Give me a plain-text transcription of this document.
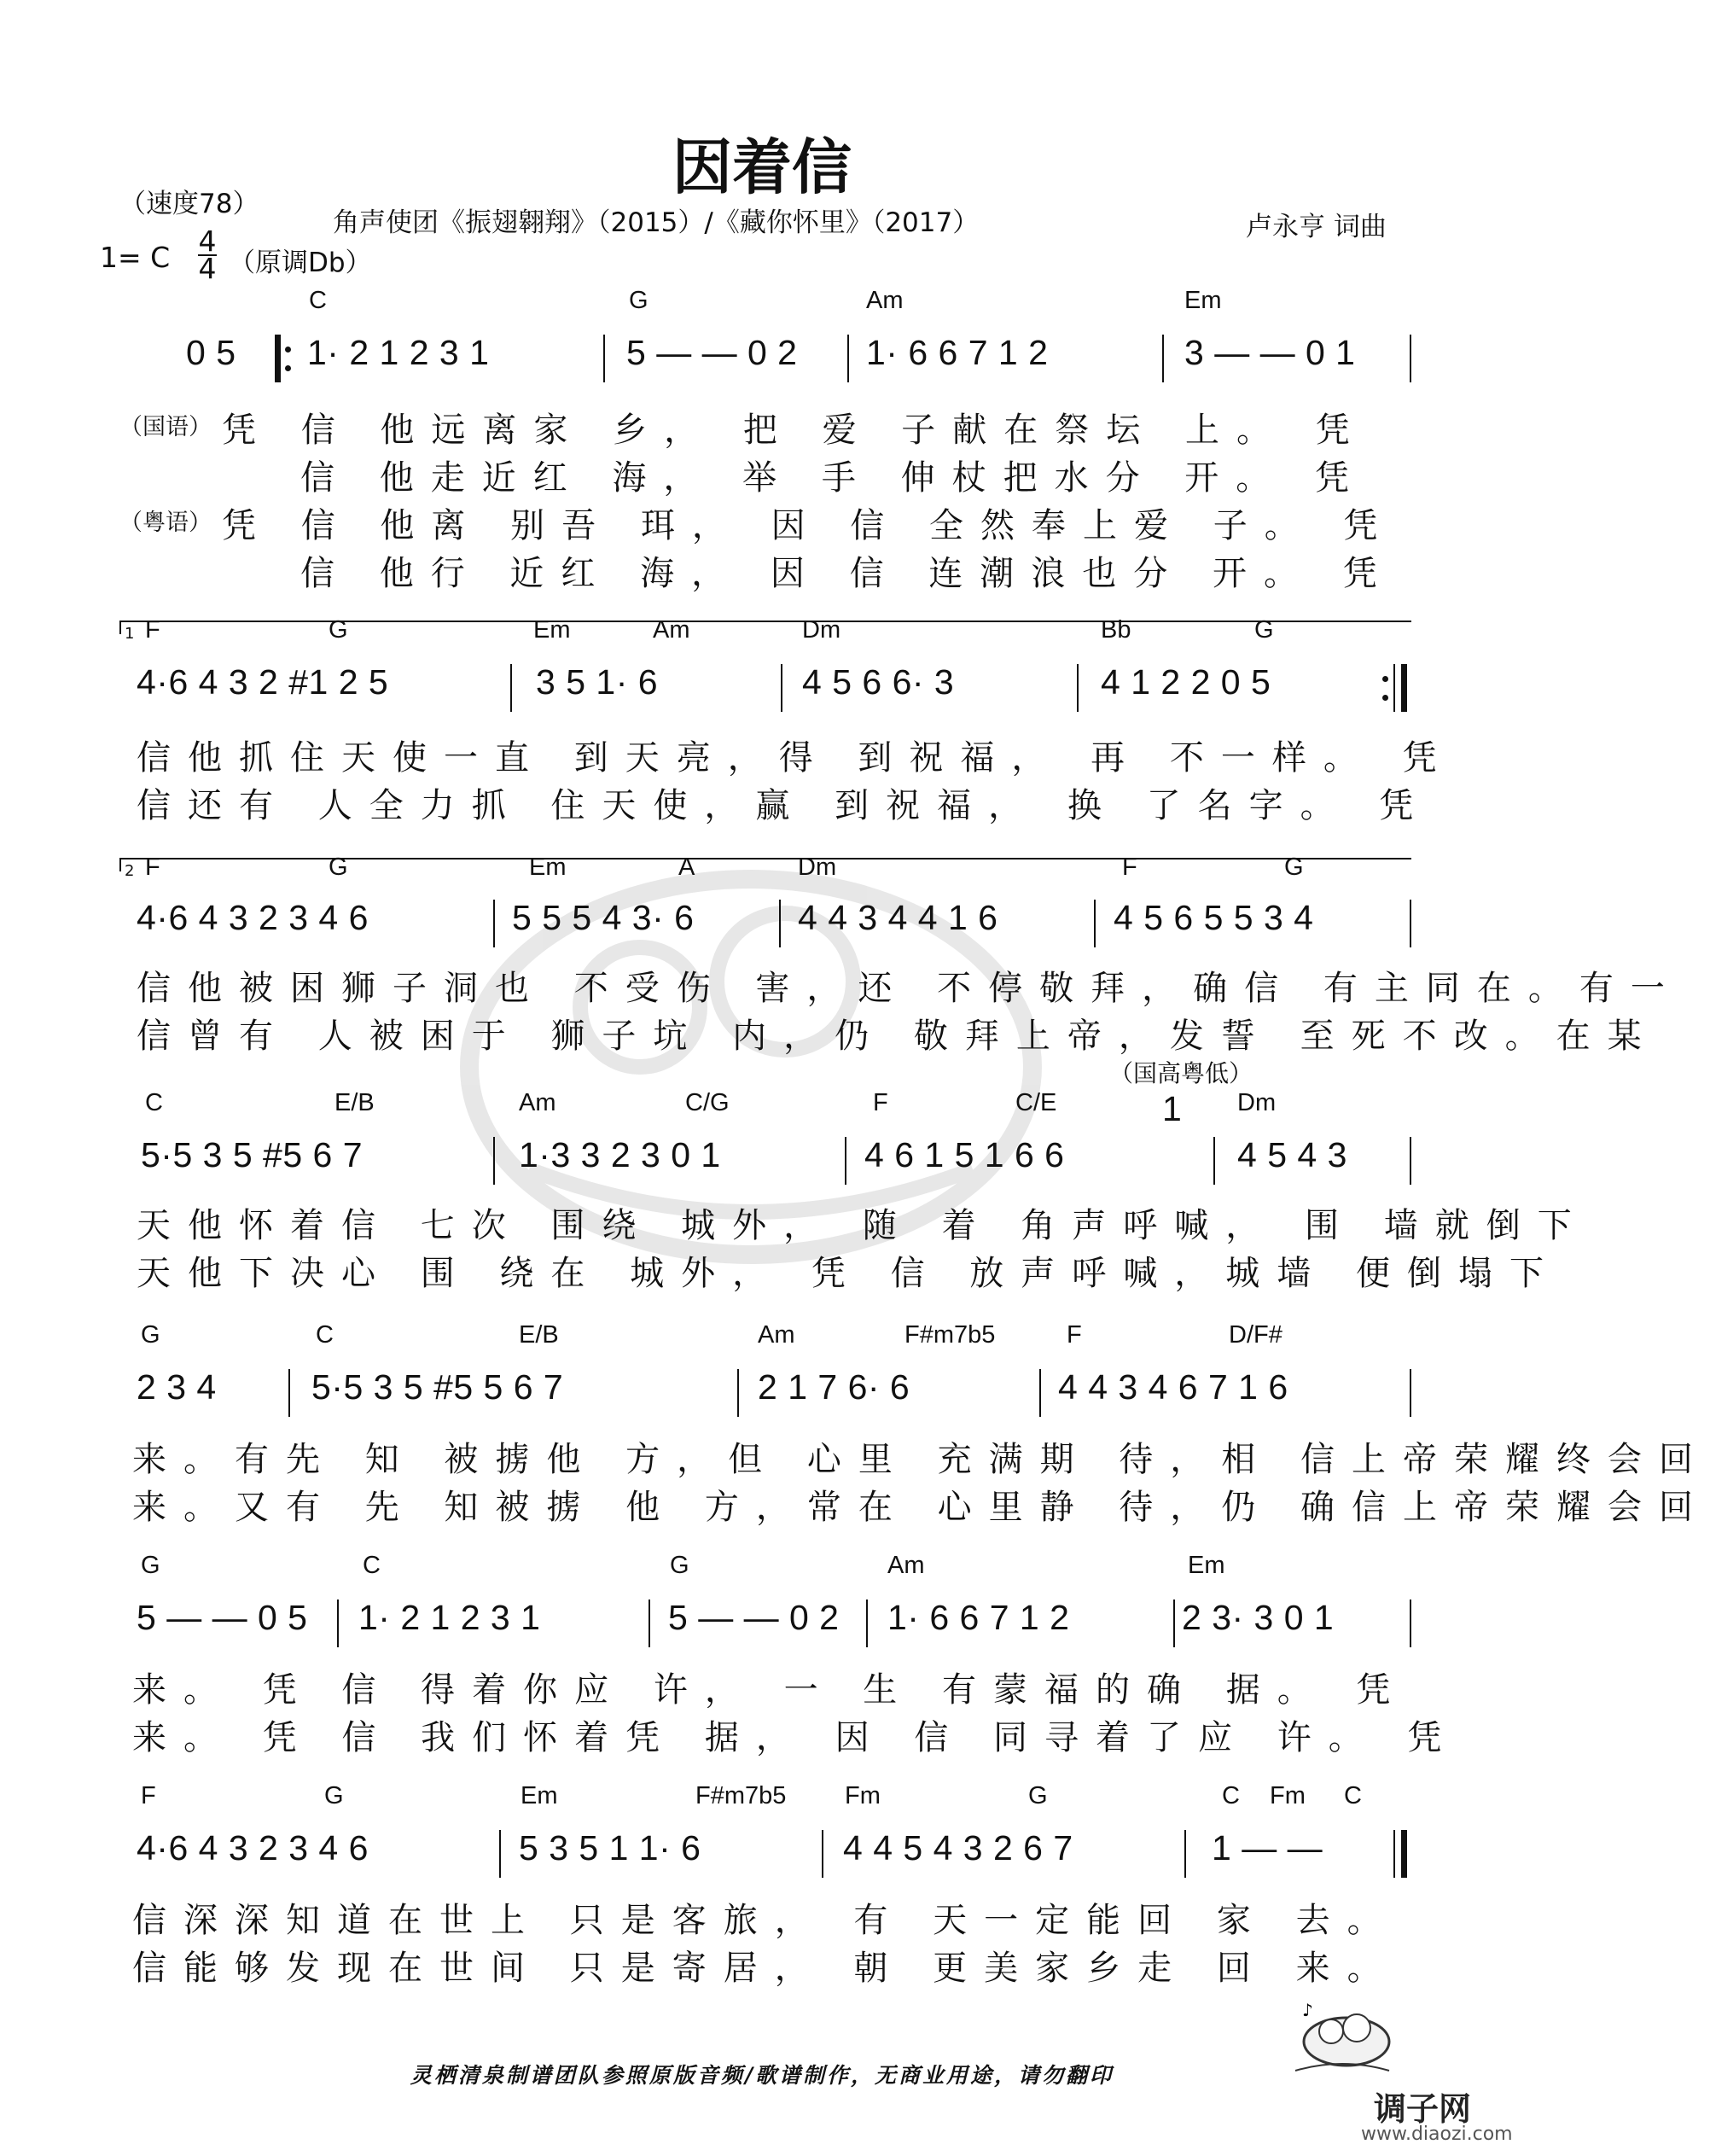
因着信
（速度78）
角声使团《振翅翱翔》（2015）/《藏你怀里》（2017）	卢永亨 词曲
1= C 4
4 （原调Db）
C	G	Am	Em
0 5 1· 2 1 2 3 1	5 — — 0 2 1· 6 6 7 1 2	3 — — 0 1
（国语） 凭 信 他远离家 乡， 把 爱 子献在祭坛 上。 凭
信 他走近红 海， 举 手 伸杖把水分 开。 凭
（粤语） 凭 信 他离 别吾 珥， 因 信 全然奉上爱 子。 凭
信 他行 近红 海， 因 信 连潮浪也分 开。 凭
1 F	G	Em	Am	Dm	Bb	G
4·6 4 3 2 #1 2 5	3 5 1· 6	4 5 6 6· 3	4 1 2 2 0 5
信他抓住天使一直 到天亮，得 到祝福， 再 不一样。 凭
信还有 人全力抓 住天使，赢 到祝福， 换 了名字。 凭
2 F	G	Em	A	Dm	F	G
4·6 4 3 2 3 4 6	5 5 5 4 3· 6	4 4 3 4 4 1 6	4 5 6 5 5 3 4
信他被困狮子洞也 不受伤 害，还 不停敬拜，确信 有主同在。有一
信曾有 人被困于 狮子坑 内，仍 敬拜上帝，发誓 至死不改。在某
（国高粤低）
1
C	E/B	Am	C/G	F	C/E	Dm
5·5 3 5 #5 6 7	1·3 3 2 3 0 1	4 6 1 5 1 6 6	4 5 4 3
天他怀着信 七次 围绕 城外， 随 着 角声呼喊， 围 墙就倒下
天他下决心 围 绕在 城外， 凭 信 放声呼喊，城墙 便倒塌下
G	C	E/B	Am	F#m7b5	F	D/F#
2 3 4	5·5 3 5 #5 5 6 7	2 1 7 6· 6	4 4 3 4 6 7 1 6
来。有先 知 被掳他 方，但 心里 充满期 待，相 信上帝荣耀终会回
来。又有 先 知被掳 他 方，常在 心里静 待，仍 确信上帝荣耀会回
G	C	G	Am	Em
5 — — 0 5 1· 2 1 2 3 1	5 — — 0 2 1· 6 6 7 1 2	2 3· 3 0 1
来。 凭 信 得着你应 许， 一 生 有蒙福的确 据。 凭
来。 凭 信 我们怀着凭 据， 因 信 同寻着了应 许。 凭
F	G	Em	F#m7b5 Fm	G	C Fm C
4·6 4 3 2 3 4 6	5 3 5 1 1· 6	4 4 5 4 3 2 6 7	1 — —
信深深知道在世上 只是客旅， 有 天一定能回 家 去。
信能够发现在世间 只是寄居， 朝 更美家乡走 回 来。
♪
灵栖清泉制谱团队参照原版音频/歌谱制作，无商业用途，请勿翻印
调子网
www.diaozi.com
